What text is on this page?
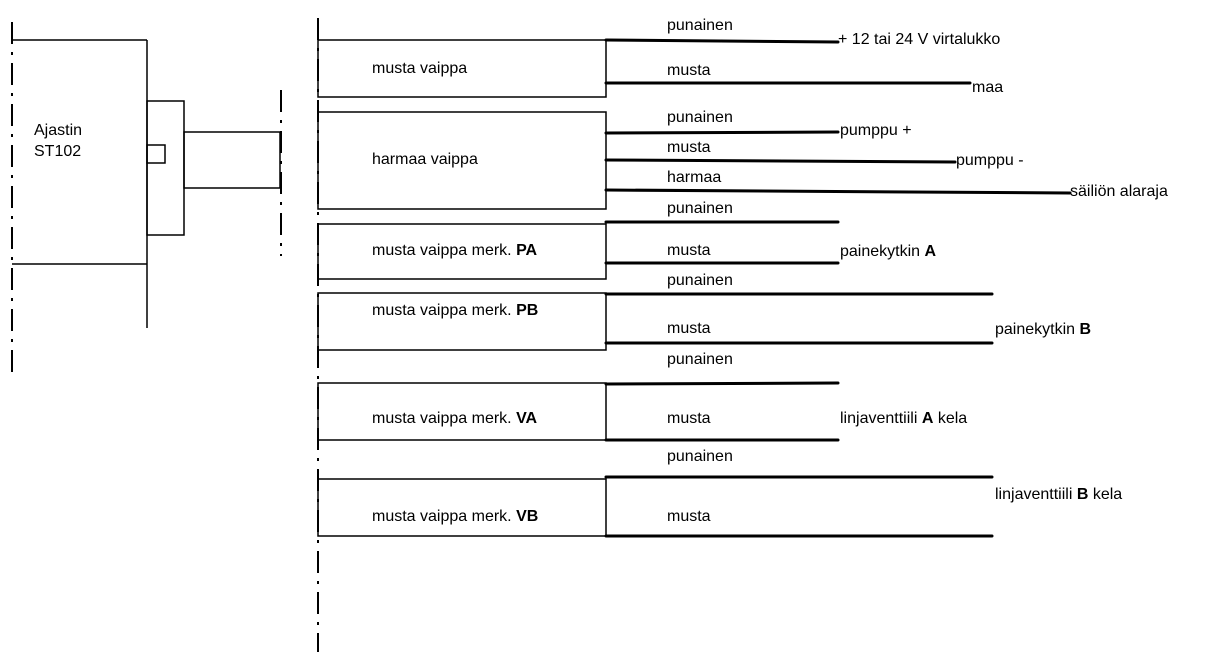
Ajastin
ST102
musta vaippa
harmaa vaippa
musta vaippa merk. PA
musta vaippa merk. PB
musta vaippa merk. VA
musta vaippa merk. VB
punainen
musta
punainen
musta
harmaa
punainen
musta
punainen
musta
punainen
musta
punainen
musta
+ 12 tai 24 V virtalukko
maa
pumppu +
pumppu -
säiliön alaraja
painekytkin A
painekytkin B
linjaventtiili A kela
linjaventtiili B kela
